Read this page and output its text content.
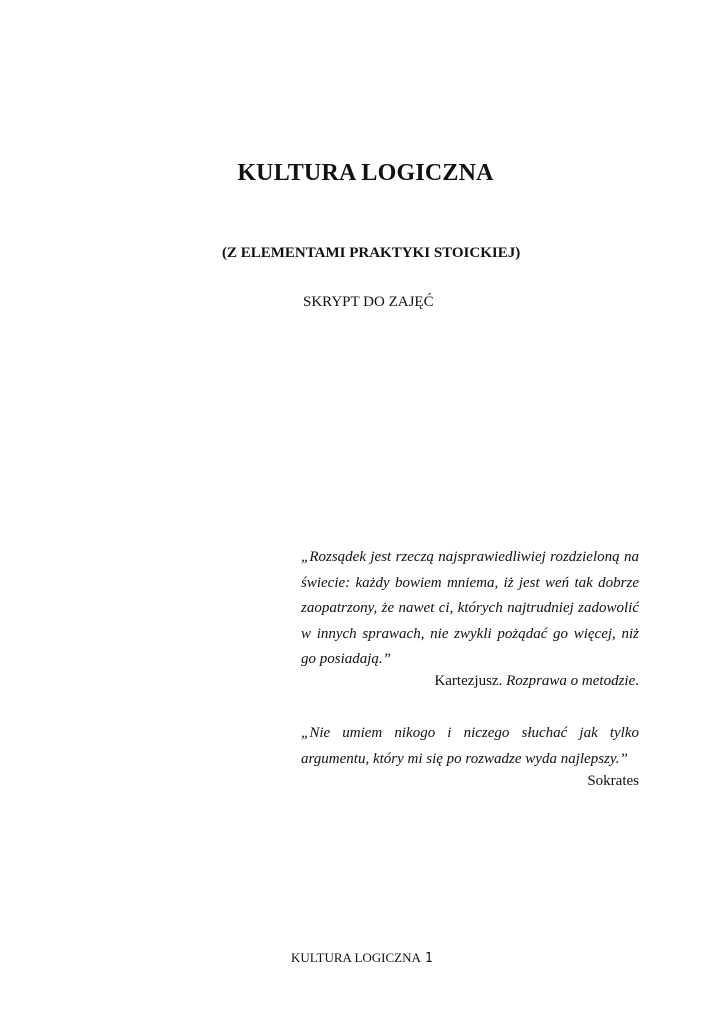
KULTURA LOGICZNA
(Z ELEMENTAMI PRAKTYKI STOICKIEJ)
SKRYPT DO ZAJĘĆ
„Rozsądek jest rzeczą najsprawiedliwiej rozdzieloną na świecie: każdy bowiem mniema, iż jest weń tak dobrze zaopatrzony, że nawet ci, których najtrudniej zadowolić w innych sprawach, nie zwykli pożądać go więcej, niż go posiadają.”
Kartezjusz. Rozprawa o metodzie.
„Nie umiem nikogo i niczego słuchać jak tylko argumentu, który mi się po rozwadze wyda najlepszy.”
Sokrates
KULTURA LOGICZNA 1
